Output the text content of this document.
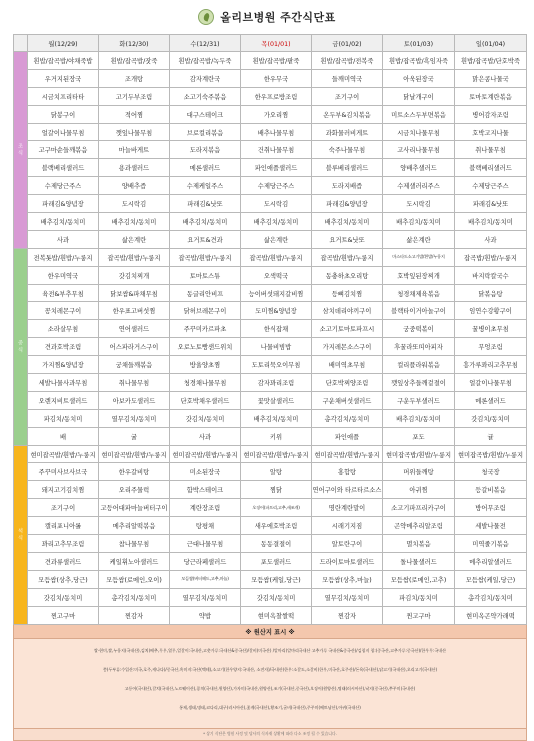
올리브병원 주간식단표
	월(12/29)	화(12/30)	수(12/31)	목(01/01)	금(01/02)	토(01/03)	일(01/04)
조식	흰밥/잡곡밥/야채죽밥	흰밥/잡곡밥/잣죽	흰밥/잡곡밥/녹두죽	흰밥/잡곡밥/팥죽	흰밥/잡곡밥/전복죽	흰밥/잡곡밥/흑임자죽	흰밥/잡곡밥/단호박죽
	우거지된장국	조개탕	감자계란국	한우무국	들깨미역국	아욱된장국	맑은콩나물국
	시금치프리타타	고기두부조림	소고기숙주볶음	한우프로방조림	조기구이	닭날개구이	토마토계란볶음
	닭봉구이	적어찜	대구스테이크	가오리찜	온두부&김치볶음	미트소스두부면볶음	병어감자조림
	얼갈이나물무침	깻잎나물무침	브로컬리볶음	배추나물무침	과화물러비게트	시금치나물무침	호박고지나물
	고구마순들깨볶음	마늘바게트	도라지볶음	건취나물무침	숙주나물무침	고사리나물무침	취나물무침
	블랙베리샐러드	용과샐러드	메론샐러드	파인애플샐러드	블루베리샐러드	양배추샐러드	블랙베리샐러드
	수제당근주스	양배추즙	수제케일주스	수제당근주스	도라지배즙	수제샐러리주스	수제당근주스
	파래김&양념장	도시락김	파래김&낫또	도시락김	파래김&양념장	도시락김	파래김&낫또
	배추김치/동치미	배추김치/동치미	배추김치/동치미	배추김치/동치미	배추김치/동치미	배추김치/동치미	배추김치/동치미
	사과	삶은계란	요거트&견과	삶은계란	요거트&낫또	삶은계란	사과
중식	전복톳밥/흰밥/누룽지	잡곡밥/흰밥/누룽지	잡곡밥/흰밥/누룽지	잡곡밥/흰밥/누룽지	잡곡밥/흰밥/누룽지	마스타드소고기밥/흰밥/누룽지	잡곡밥/흰밥/누룽지
	한우미역국	갓김치찌개	토마토스튜	오색떡국	동충하초오리탕	호박잎된장찌개	바지락칼국수
	육전&부추무침	닭보쌈&파채무침	동글리안비프	능이버섯돼지갈비찜	등뼈김치찜	청경채제육볶음	닭볶음탕
	꽁치레몬구이	한우표고버섯찜	닭허브레몬구이	도미찜&양념장	삼치데리야끼구이	블랙타이거아놀구이	임연수강황구이
	소라살무침	연어샐러드	주꾸미카르파초	한식잡채	소고기토마토파프시	궁중떡볶이	꿀병이초무침
	견과호박조림	어스파라거스구이	오로노토빵샌드위치	나물비빔밥	가지레몬소스구이	후꿀라또띠아피자	무엉조림
	가지찜&양념장	궁채들깨볶음	방울양초찜	도토리묵오이무침	배미역초무침	컬리플라워볶음	흥가루꽈리고추무침
	세발나물사과무침	취나물무침	청경채나물무침	감자꽈리조림	단호박찌양조림	깻잎상추들깨겉절이	얼갈이나물무침
	오렌지비트샐러드	아보카도샐러드	단호박채우샐러드	꽃맛살샐러드	구운채버섯샐러드	구운두부샐러드	메론샐러드
	파김치/동치미	열무김치/동치미	갓김치/동치미	배추김치/동치미	총각김치/동치미	배추김치/동치미	갓김치/동치미
	배	귤	사과	키위	파인애플	포도	귤
석식	현미잡곡밥/흰밥/누룽지	현미잡곡밥/흰밥/누룽지	현미잡곡밥/흰밥/누룽지	현미잡곡밥/흰밥/누룽지	현미잡곡밥/흰밥/누룽지	현미잡곡밥/흰밥/누룽지	현미잡곡밥/흰밥/누룽지
	주꾸미사브사브국	한우갈비탕	미소된장국	알탕	홍합탕	머위들깨탕	청국장
	돼지고기김치찜	오리주물럭	함박스테이크	찜닭	연어구이와 타르타르소스	아귀찜	등갈비볶음
	조기구이	고등어대파마늘버터구이	계란장조림	오징어(파프리,고추,새조개)	명란계란말이	소고기파프리카구이	방어무조림
	캘리포니아롤	메추리알떡볶음	탕평채	새우에호박조림	시래기지짐	곤약메추리알조림	세발나물전
	꽈리고추무조림	참나물무침	근대나물무침	동동결절이	알토란구이	멸치볶음	미역줄기볶음
	견과류샐러드	케일휘노아샐러드	당근라페샐러드	포도샐러드	드라이토마토샐러드	돌나물샐러드	메추리알샐러드
	모듬쌈(상추,당근)	모듬쌈(로메인,오이)	모듬쌈(버터헤드,고추,마늘)	모듬쌈(케일,당근)	모듬쌈(상추,마늘)	모듬쌈(로메인,고추)	모듬쌈(케일,당근)
	갓김치/동치미	총각김치/동치미	열무김치/동치미	갓김치/동치미	열무김치/동치미	파김치/동치미	총각김치/동치미
	찐고구마	찐감자	약밥	현미옥찰쌀떡	찐감자	찐고구마	현미옥곤약가래떡
※ 원산지 표시 ※							

쌀·현미,쌀,누룽지(국내산),김치(배추,무우,열무,얼갈이:국내산,고춧가루:국내산&중국산)/갈비(미국산) /알마리(알마리국내산 고추가루 국내산&중국산)/김칭지 칭:(중국산,고추가루:중국산)/한우무:국내산
쫑(두부류:수입산:미국,호주,캐나다)/중국산,흑미지:국산(맥테),소고기(한우양지:국내산, 소전자)/국내산(한우:소갈도,소갈비(한우,미국산,호주산)/돈육(국내산),닭고기(국내산),오리고기(국내산)
고등어(국내산),갈치(국내산,노르웨이산),꽁치(국내산,원양산),가자미(국내산,원양산),조기(국내산,중국산),오징어(원양산),명태(러시아산),낙지(중국산),쭈꾸미(국내산)
통제,생태,명태,코다리,대구(러시아산),꽃게(국내산),황조기,굴비(국내산),주꾸미(베트남산),아귀(국내산)							

* 상기 식단은 병원 사정 및 당사의 식자재 상황에 따라 다소 조정 될 수 있습니다.							
